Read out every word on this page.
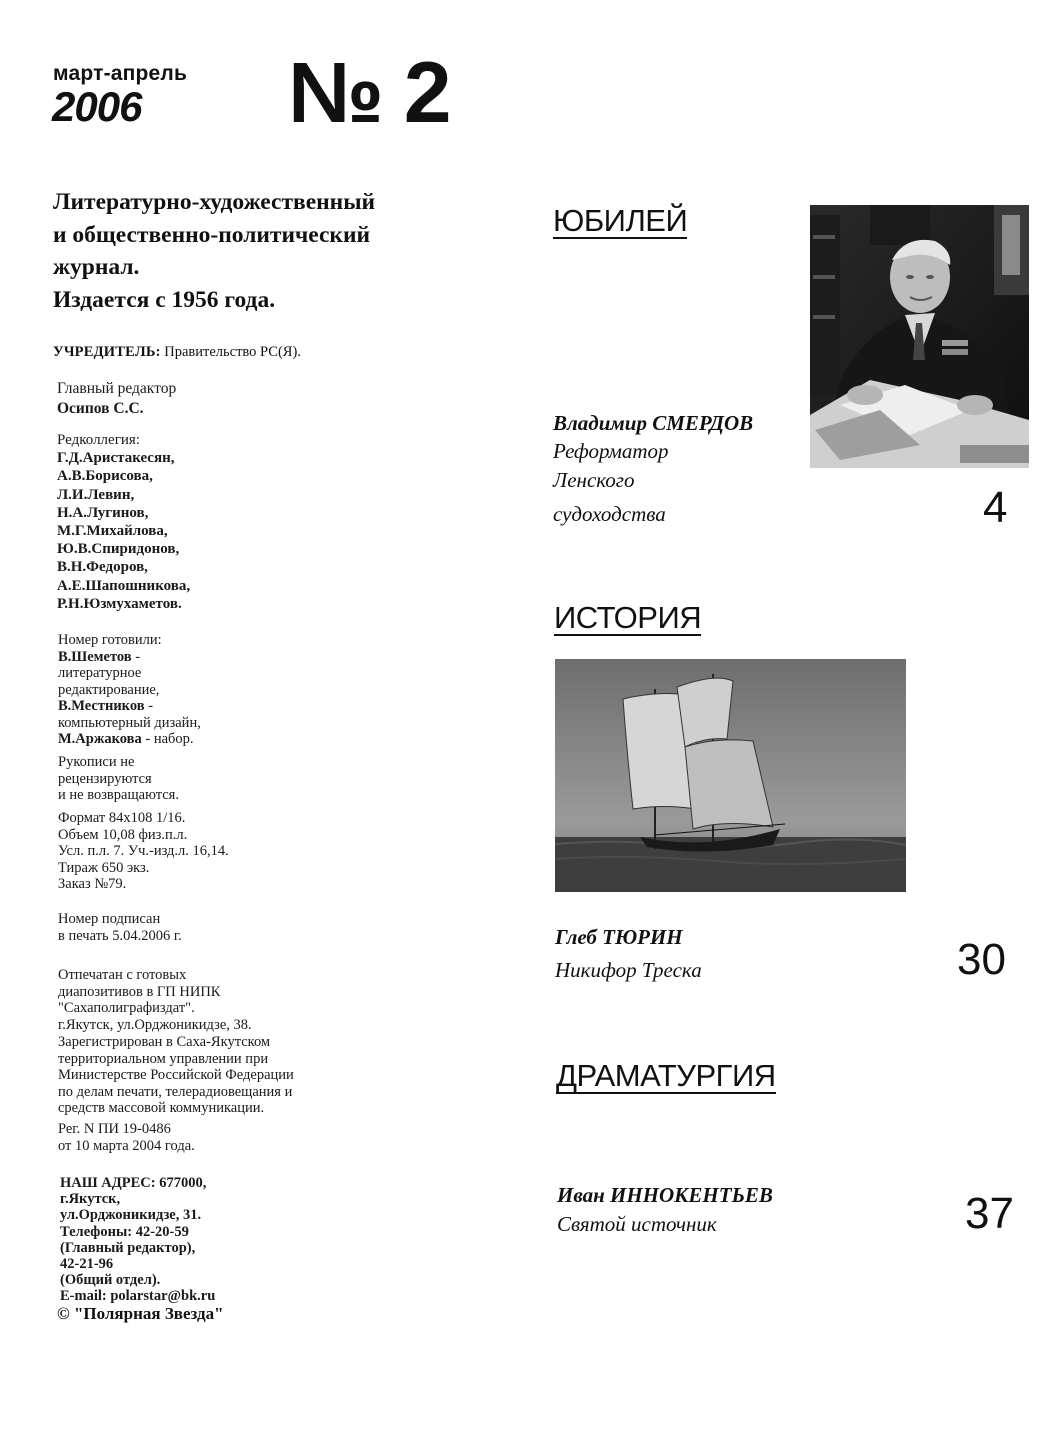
март-апрель
2006 № 2
Литературно-художественный
и общественно-политический
журнал.
Издается с 1956 года.
УЧРЕДИТЕЛЬ: Правительство РС(Я).
Главный редактор
Осипов С.С.
Редколлегия:
Г.Д.Аристакесян,
А.В.Борисова,
Л.И.Левин,
Н.А.Лугинов,
М.Г.Михайлова,
Ю.В.Спиридонов,
В.Н.Федоров,
А.Е.Шапошникова,
Р.Н.Юзмухаметов.
Номер готовили:
В.Шеметов -
литературное
редактирование,
В.Местников -
компьютерный дизайн,
М.Аржакова - набор.
Рукописи не
рецензируются
и не возвращаются.
Формат 84х108 1/16.
Объем 10,08 физ.п.л.
Усл. п.л. 7. Уч.-изд.л. 16,14.
Тираж 650 экз.
Заказ №79.
Номер подписан
в печать 5.04.2006 г.
Отпечатан с готовых
диапозитивов в ГП НИПК
"Сахаполиграфиздат".
г.Якутск, ул.Орджоникидзе, 38.
Зарегистрирован в Саха-Якутском
территориальном управлении при
Министерстве Российской Федерации
по делам печати, телерадиовещания и
средств массовой коммуникации.
Рег. N ПИ 19-0486
от 10 марта 2004 года.
НАШ АДРЕС: 677000,
г.Якутск,
ул.Орджоникидзе, 31.
Телефоны: 42-20-59
(Главный редактор),
42-21-96
(Общий отдел).
E-mail: polarstar@bk.ru
© "Полярная Звезда"
ЮБИЛЕЙ
Владимир СМЕРДОВ
Реформатор
Ленского
судоходства	4
ИСТОРИЯ
Глеб ТЮРИН
Никифор Треска	30
ДРАМАТУРГИЯ
Иван ИННОКЕНТЬЕВ
Святой источник	37
